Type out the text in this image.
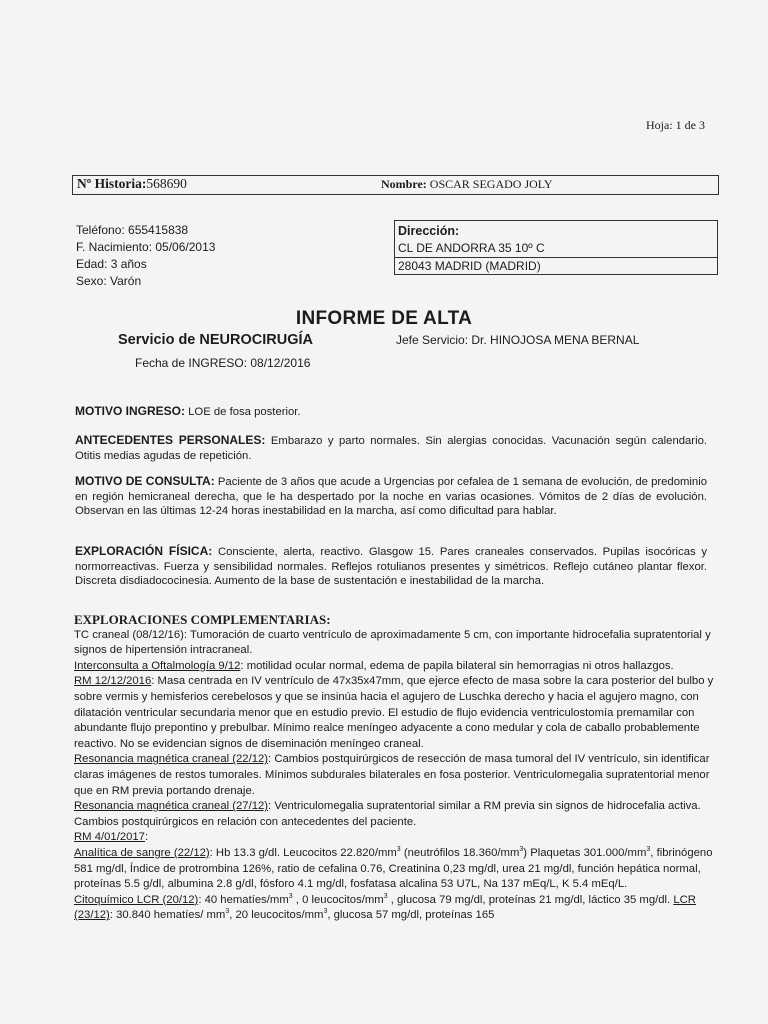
Hoja: 1 de 3
Nº Historia:568690	Nombre: OSCAR SEGADO JOLY
Teléfono: 655415838
F. Nacimiento: 05/06/2013
Edad: 3 años
Sexo: Varón
Dirección:
CL DE ANDORRA 35 10º C
28043 MADRID (MADRID)
INFORME DE ALTA
Servicio de NEUROCIRUGÍA	Jefe Servicio: Dr. HINOJOSA MENA BERNAL
Fecha de INGRESO: 08/12/2016
MOTIVO INGRESO: LOE de fosa posterior.
ANTECEDENTES PERSONALES: Embarazo y parto normales. Sin alergias conocidas. Vacunación según calendario. Otitis medias agudas de repetición.
MOTIVO DE CONSULTA: Paciente de 3 años que acude a Urgencias por cefalea de 1 semana de evolución, de predominio en región hemicraneal derecha, que le ha despertado por la noche en varias ocasiones. Vómitos de 2 días de evolución. Observan en las últimas 12-24 horas inestabilidad en la marcha, así como dificultad para hablar.
EXPLORACIÓN FÍSICA: Consciente, alerta, reactivo. Glasgow 15. Pares craneales conservados. Pupilas isocóricas y normorreactivas. Fuerza y sensibilidad normales. Reflejos rotulianos presentes y simétricos. Reflejo cutáneo plantar flexor. Discreta disdiadococinesia. Aumento de la base de sustentación e inestabilidad de la marcha.
EXPLORACIONES COMPLEMENTARIAS:
TC craneal (08/12/16): Tumoración de cuarto ventrículo de aproximadamente 5 cm, con importante hidrocefalia supratentorial y signos de hipertensión intracraneal.
Interconsulta a Oftalmología 9/12: motilidad ocular normal, edema de papila bilateral sin hemorragias ni otros hallazgos.
RM 12/12/2016: Masa centrada en IV ventrículo de 47x35x47mm, que ejerce efecto de masa sobre la cara posterior del bulbo y sobre vermis y hemisferios cerebelosos y que se insinúa hacia el agujero de Luschka derecho y hacia el agujero magno, con dilatación ventricular secundaria menor que en estudio previo. El estudio de flujo evidencia ventriculostomía premamilar con abundante flujo prepontino y prebulbar. Mínimo realce meníngeo adyacente a cono medular y cola de caballo probablemente reactivo. No se evidencian signos de diseminación meníngeo craneal.
Resonancia magnética craneal (22/12): Cambios postquirúrgicos de resección de masa tumoral del IV ventrículo, sin identificar claras imágenes de restos tumorales. Mínimos subdurales bilaterales en fosa posterior. Ventriculomegalia supratentorial menor que en RM previa portando drenaje.
Resonancia magnética craneal (27/12): Ventriculomegalia supratentorial similar a RM previa sin signos de hidrocefalia activa. Cambios postquirúrgicos en relación con antecedentes del paciente.
RM 4/01/2017:
Analítica de sangre (22/12): Hb 13.3 g/dl. Leucocitos $22.820/mm^3$ (neutrófilos $18.360/mm^3$) Plaquetas $301.000/mm^3$, fibrinógeno 581 mg/dl, Índice de protrombina 126%, ratio de cefalina 0.76, Creatinina 0,23 mg/dl, urea 21 mg/dl, función hepática normal, proteínas 5.5 g/dl, albumina 2.8 g/dl, fósforo 4.1 mg/dl, fosfatasa alcalina 53 U7L, Na 137 mEq/L, K 5.4 mEq/L.
Citoquímico LCR (20/12): 40 hematíes/$mm^3$ , 0 leucocitos/$mm^3$ , glucosa 79 mg/dl, proteínas 21 mg/dl, láctico 35 mg/dl. LCR (23/12): 30.840 hematíes/ $mm^3$, 20 leucocitos/$mm^3$, glucosa 57 mg/dl, proteínas 165
